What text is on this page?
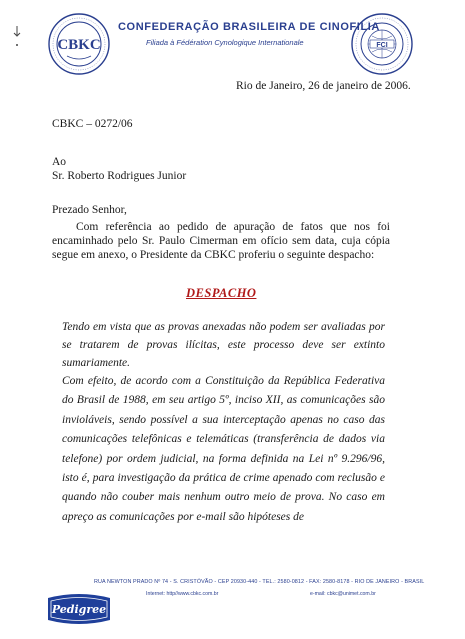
CBKC
CONFEDERAÇÃO BRASILEIRA DE CINOFILIA
Filiada à Fédération Cynologique Internationale	FCI
Rio de Janeiro, 26 de janeiro de 2006.
CBKC – 0272/06
Ao
Sr. Roberto Rodrigues Junior
Prezado Senhor,

Com referência ao pedido de apuração de fatos que nos foi encaminhado pelo Sr. Paulo Cimerman em ofício sem data, cuja cópia segue em anexo, o Presidente da CBKC proferiu o seguinte despacho:

DESPACHO

Tendo em vista que as provas anexadas não podem ser avaliadas por se tratarem de provas ilícitas, este processo deve ser extinto sumariamente.

Com efeito, de acordo com a Constituição da República Federativa do Brasil de 1988, em seu artigo 5º, inciso XII, as comunicações são invioláveis, sendo possível a sua interceptação apenas no caso das comunicações telefônicas e telemáticas (transferência de dados via telefone) por ordem judicial, na forma definida na Lei nº 9.296/96, isto é, para investigação da prática de crime apenado com reclusão e quando não couber mais nenhum outro meio de prova. No caso em apreço as comunicações por e-mail são hipóteses de

RUA NEWTON PRADO Nº 74 - S. CRISTÓVÃO - CEP 20930-440 - TEL.: 2580-0812 - FAX: 2580-8178 - RIO DE JANEIRO - BRASIL
Internet: http//www.cbkc.com.br	e-mail: cbkc@unimet.com.br
Pedigree
